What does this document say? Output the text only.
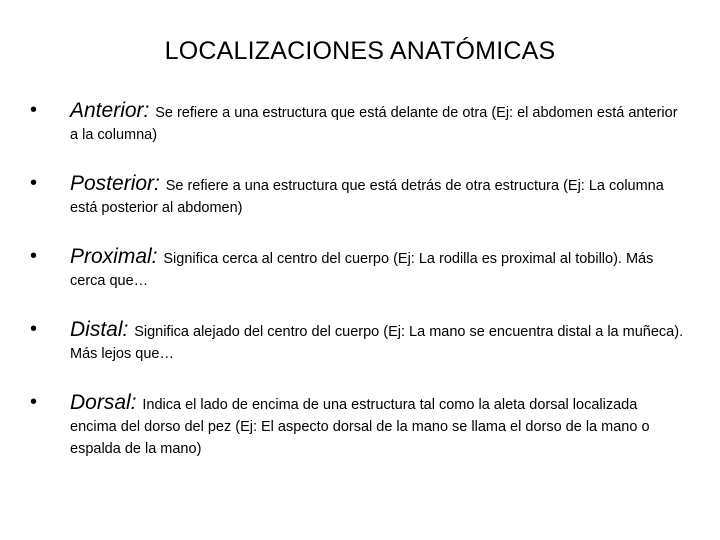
LOCALIZACIONES ANATÓMICAS
• Anterior: Se refiere a una estructura que está delante de otra (Ej: el abdomen está anterior a la columna)
• Posterior: Se refiere a una estructura que está detrás de otra estructura (Ej: La columna está posterior al abdomen)
• Proximal: Significa cerca al centro del cuerpo (Ej: La rodilla es proximal al tobillo). Más cerca que…
• Distal: Significa alejado del centro del cuerpo (Ej: La mano se encuentra distal a la muñeca). Más lejos que…
• Dorsal: Indica el lado de encima de una estructura tal como la aleta dorsal localizada encima del dorso del pez (Ej: El aspecto dorsal de la mano se llama el dorso de la mano o espalda de la mano)
